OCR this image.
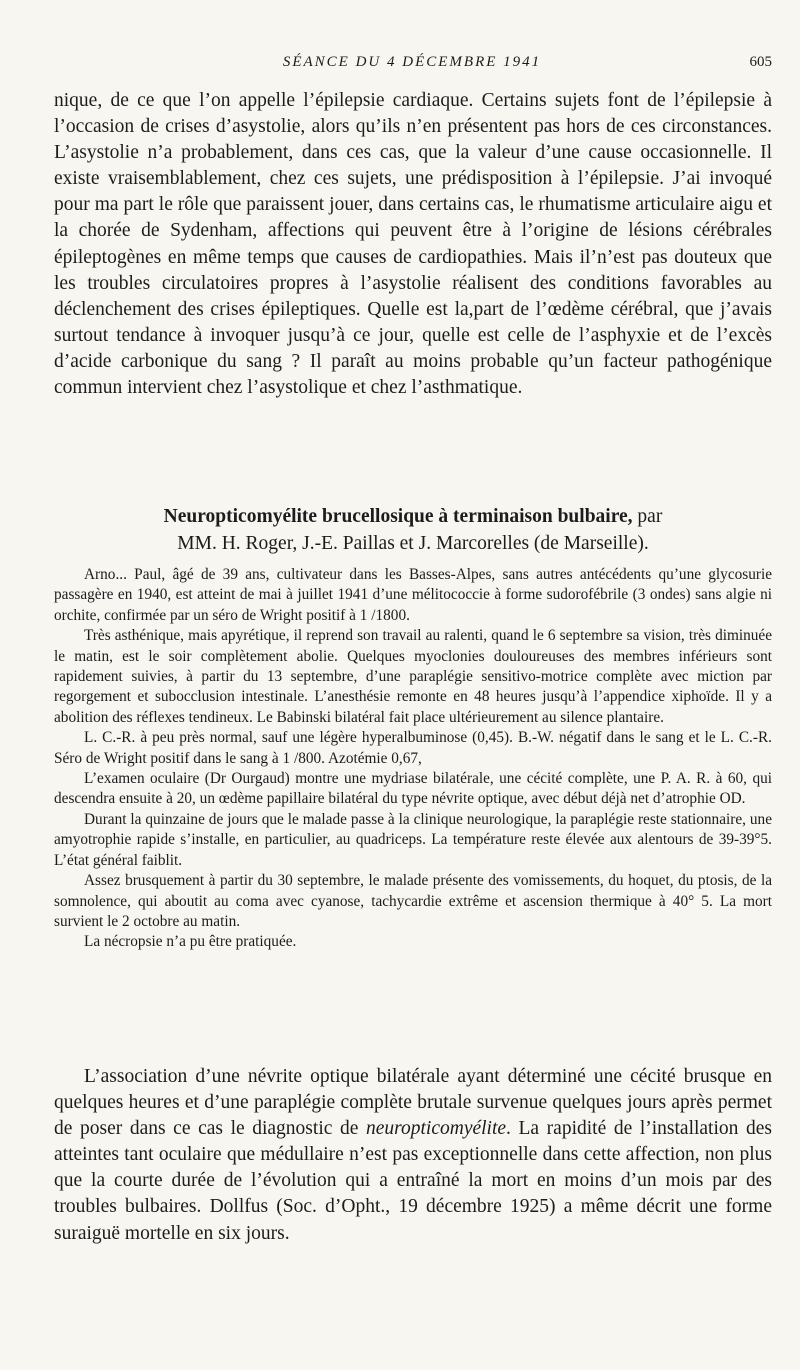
SÉANCE DU 4 DÉCEMBRE 1941	605

nique, de ce que l’on appelle l’épilepsie cardiaque. Certains sujets font de l’épilepsie à l’occasion de crises d’asystolie, alors qu’ils n’en présentent pas hors de ces circonstances. L’asystolie n’a probablement, dans ces cas, que la valeur d’une cause occasionnelle. Il existe vraisemblablement, chez ces sujets, une prédisposition à l’épilepsie. J’ai invoqué pour ma part le rôle que paraissent jouer, dans certains cas, le rhumatisme articulaire aigu et la chorée de Sydenham, affections qui peuvent être à l’origine de lésions cérébrales épileptogènes en même temps que causes de cardiopathies. Mais il’n’est pas douteux que les troubles circulatoires propres à l’asystolie réalisent des conditions favorables au déclenchement des crises épileptiques. Quelle est la,part de l’œdème cérébral, que j’avais surtout tendance à invoquer jusqu’à ce jour, quelle est celle de l’asphyxie et de l’excès d’acide carbonique du sang ? Il paraît au moins probable qu’un facteur pathogénique commun intervient chez l’asystolique et chez l’asthmatique.

Neuropticomyélite brucellosique à terminaison bulbaire, par
MM. H. Roger, J.-E. Paillas et J. Marcorelles (de Marseille).

Arno... Paul, âgé de 39 ans, cultivateur dans les Basses-Alpes, sans autres antécédents qu’une glycosurie passagère en 1940, est atteint de mai à juillet 1941 d’une mélitococcie à forme sudorofébrile (3 ondes) sans algie ni orchite, confirmée par un séro de Wright positif à 1 /1800.

Très asthénique, mais apyrétique, il reprend son travail au ralenti, quand le 6 septembre sa vision, très diminuée le matin, est le soir complètement abolie. Quelques myoclonies douloureuses des membres inférieurs sont rapidement suivies, à partir du 13 septembre, d’une paraplégie sensitivo-motrice complète avec miction par regorgement et subocclusion intestinale. L’anesthésie remonte en 48 heures jusqu’à l’appendice xiphoïde. Il y a abolition des réflexes tendineux. Le Babinski bilatéral fait place ultérieurement au silence plantaire.

L. C.-R. à peu près normal, sauf une légère hyperalbuminose (0,45). B.-W. négatif dans le sang et le L. C.-R. Séro de Wright positif dans le sang à 1 /800. Azotémie 0,67,

L’examen oculaire (Dr Ourgaud) montre une mydriase bilatérale, une cécité complète, une P. A. R. à 60, qui descendra ensuite à 20, un œdème papillaire bilatéral du type névrite optique, avec début déjà net d’atrophie OD.

Durant la quinzaine de jours que le malade passe à la clinique neurologique, la paraplégie reste stationnaire, une amyotrophie rapide s’installe, en particulier, au quadriceps. La température reste élevée aux alentours de 39-39°5. L’état général faiblit.

Assez brusquement à partir du 30 septembre, le malade présente des vomissements, du hoquet, du ptosis, de la somnolence, qui aboutit au coma avec cyanose, tachycardie extrême et ascension thermique à 40° 5. La mort survient le 2 octobre au matin.

La nécropsie n’a pu être pratiquée.

L’association d’une névrite optique bilatérale ayant déterminé une cécité brusque en quelques heures et d’une paraplégie complète brutale survenue quelques jours après permet de poser dans ce cas le diagnostic de neuropticomyélite. La rapidité de l’installation des atteintes tant oculaire que médullaire n’est pas exceptionnelle dans cette affection, non plus que la courte durée de l’évolution qui a entraîné la mort en moins d’un mois par des troubles bulbaires. Dollfus (Soc. d’Opht., 19 décembre 1925) a même décrit une forme suraiguë mortelle en six jours.
